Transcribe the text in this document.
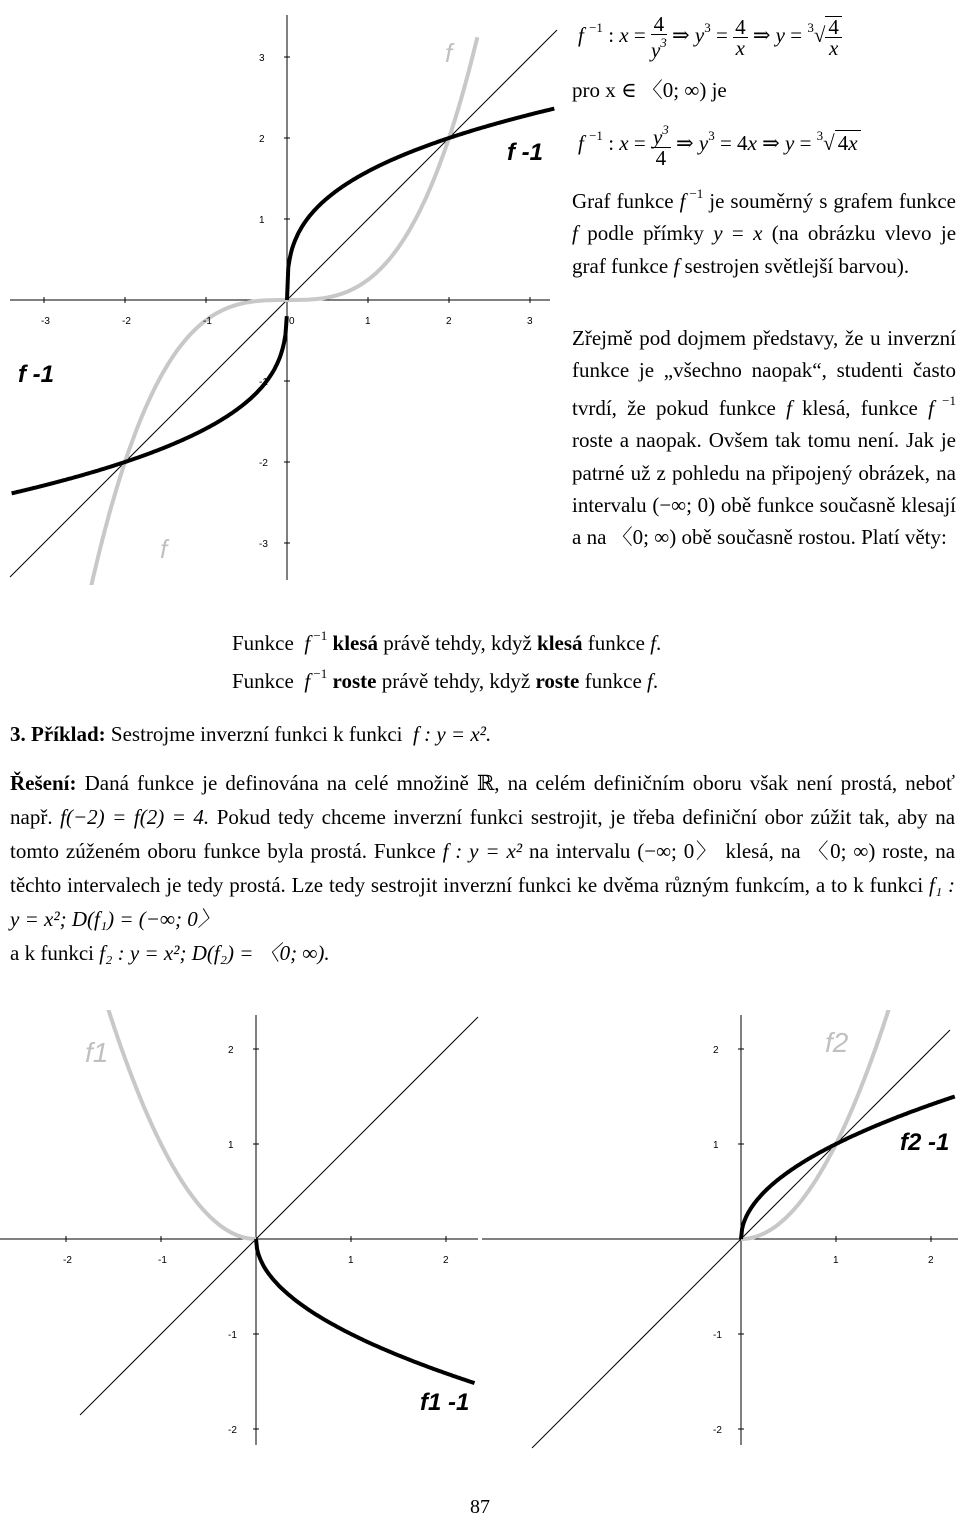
-3	-2	-1	1	2	3
0
3
2
1
-1
-2
-3
f
f -1
f -1
f
f $^{-1}$ : $x = \frac{4}{y^3}$ ⇒ $y^3 = \frac{4}{x}$ ⇒ $y = ^3√ \frac{4}{x}$
pro x ∈ 〈0; ∞) je
f $^{-1}$ : $x = \frac{y^3}{4}$ ⇒ $y^3 = 4x$ ⇒ y = $^3$√ 4x
Graf funkce f $^{-1}$ je souměrný s grafem funkce f podle přímky y = x (na obrázku vlevo je graf funkce f sestrojen světlejší barvou).
Zřejmě pod dojmem představy, že u inverzní funkce je „všechno naopak“, studenti často tvrdí, že pokud funkce f klesá, funkce f $^{-1}$ roste a naopak. Ovšem tak tomu není. Jak je patrné už z pohledu na připojený obrázek, na intervalu (−∞; 0) obě funkce současně klesají a na 〈0; ∞) obě současně rostou. Platí věty:
Funkce f $^{-1}$ klesá právě tehdy, když klesá funkce f.
Funkce f $^{-1}$ roste právě tehdy, když roste funkce f.
3. Příklad: Sestrojme inverzní funkci k funkci f : y = x².
Řešení: Daná funkce je definována na celé množině ℝ, na celém definičním oboru však není prostá, neboť např. f(−2) = f(2) = 4. Pokud tedy chceme inverzní funkci sestrojit, je třeba definiční obor zúžit tak, aby na tomto zúženém oboru funkce byla prostá. Funkce f : y = x² na intervalu (−∞; 0〉 klesá, na 〈0; ∞) roste, na těchto intervalech je tedy prostá. Lze tedy sestrojit inverzní funkci ke dvěma různým funkcím, a to k funkci f₁ : y = x²; D(f₁) = (−∞; 0〉
a k funkci f₂ : y = x²; D(f₂) = 〈0; ∞).
-2	-1	1	2
2
1
-1
-2
f1
f1 -1
1	2
2
1
-1
-2
f2
f2 -1
87
